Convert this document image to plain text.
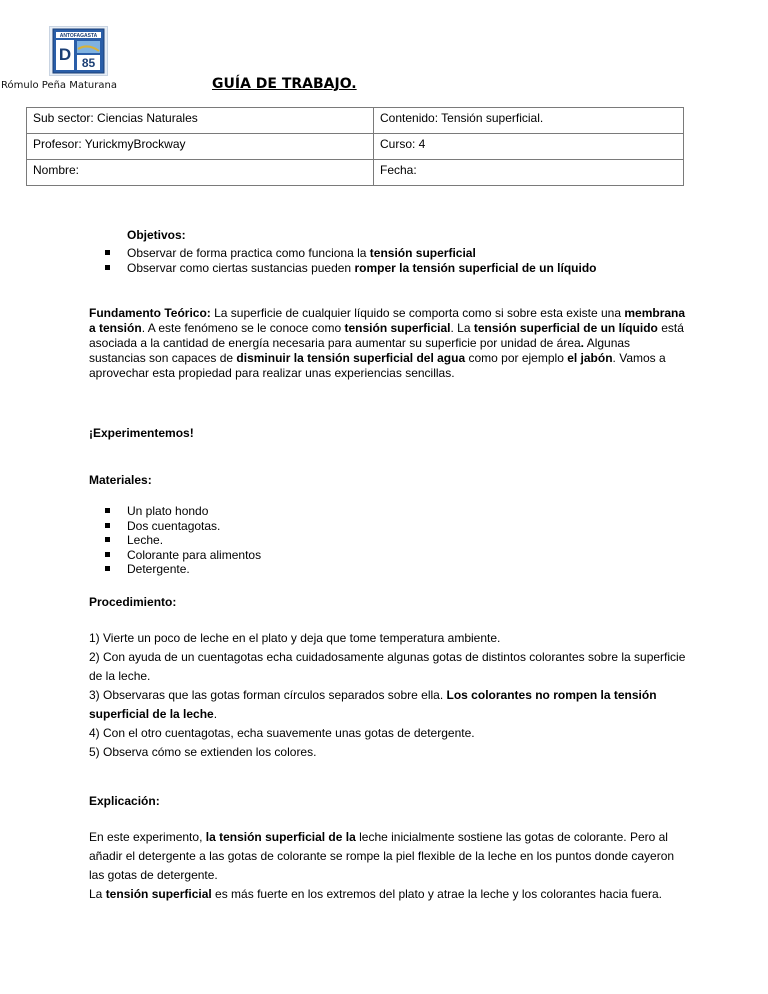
ANTOFAGASTA
D 85
Rómulo Peña Maturana	GUÍA DE TRABAJO.
Sub sector: Ciencias Naturales	Contenido: Tensión superficial.
Profesor: YurickmyBrockway	Curso: 4
Nombre:	Fecha:
Objetivos:
Observar de forma practica como funciona la tensión superficial
Observar como ciertas sustancias pueden romper la tensión superficial de un líquido
Fundamento Teórico: La superficie de cualquier líquido se comporta como si sobre esta existe una membrana a tensión. A este fenómeno se le conoce como tensión superficial. La tensión superficial de un líquido está asociada a la cantidad de energía necesaria para aumentar su superficie por unidad de área. Algunas sustancias son capaces de disminuir la tensión superficial del agua como por ejemplo el jabón. Vamos a aprovechar esta propiedad para realizar unas experiencias sencillas.
¡Experimentemos!
Materiales:
Un plato hondo
Dos cuentagotas.
Leche.
Colorante para alimentos
Detergente.
Procedimiento:
1) Vierte un poco de leche en el plato y deja que tome temperatura ambiente.
2) Con ayuda de un cuentagotas echa cuidadosamente algunas gotas de distintos colorantes sobre la superficie de la leche.
3) Observaras que las gotas forman círculos separados sobre ella. Los colorantes no rompen la tensión superficial de la leche.
4) Con el otro cuentagotas, echa suavemente unas gotas de detergente.
5) Observa cómo se extienden los colores.
Explicación:
En este experimento, la tensión superficial de la leche inicialmente sostiene las gotas de colorante. Pero al añadir el detergente a las gotas de colorante se rompe la piel flexible de la leche en los puntos donde cayeron las gotas de detergente.
La tensión superficial es más fuerte en los extremos del plato y atrae la leche y los colorantes hacia fuera.
